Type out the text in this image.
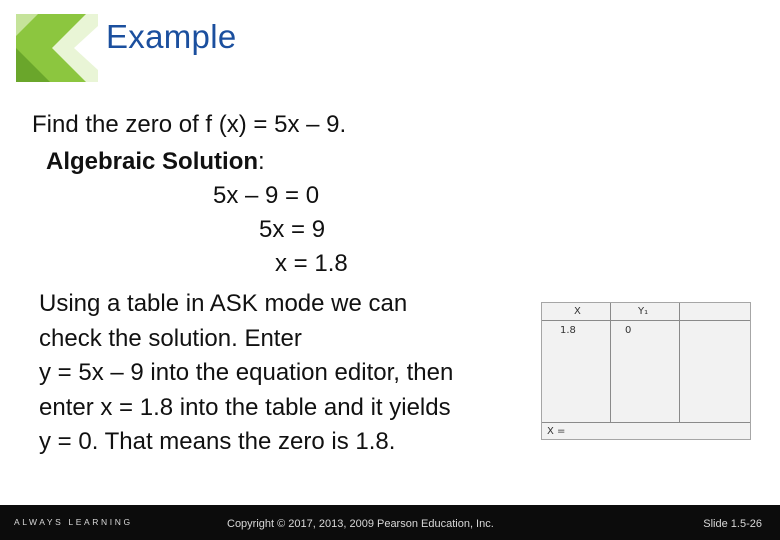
Example
Find the zero of f (x) = 5x – 9.
Algebraic Solution:
5x – 9 = 0
5x = 9
x = 1.8
Using a table in ASK mode we can
check the solution. Enter
y = 5x – 9 into the equation editor, then
enter x = 1.8 into the table and it yields
y = 0. That means the zero is 1.8.
X	Y₁
1.8	0
X =
ALWAYS LEARNING	Copyright © 2017, 2013, 2009 Pearson Education, Inc.	Slide 1.5-26
